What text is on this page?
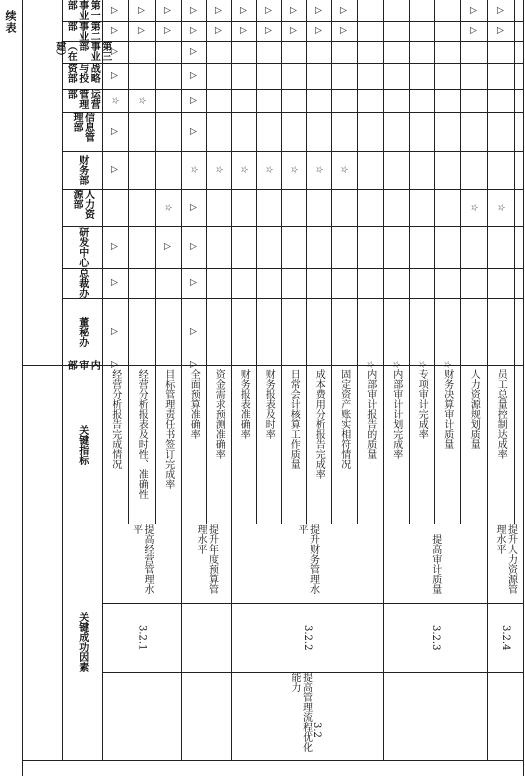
续表	第一事业部
第二事业部
第三事业部（在建）
战略与投资部
运营管理部
信息管理部
财务部
人力资源部
研发中心
总裁办
董秘办
内审部
关键指标
关键成功因素
经营分析报告完成情况
△
△
△
△
☆
△
△
△
△
△
△
经营分析报表及时性、准确性
△
△
☆
目标管理责任书签订完成率
△
△
☆
△
全面预算准确率
△
△
△
△
△
△
☆
△
△
△
△
△
资金需求预测准确率
△
△
☆
财务报表准确率
△
△
☆
财务报表及时率
△
△
☆
日常会计核算工作质量
△
△
☆
成本费用分析报告完成率
△
△
☆
固定资产账实相符情况
△
△
☆
内部审计报告的质量
☆
内部审计计划完成率
☆
专项审计完成率
☆
财务决算审计质量
☆
人力资源规划质量
△
△
☆
员工总量控制达成率
△
△
☆
提高经营管理水平
3.2.1
提升年度预算管理水平	提升财务管理水平
3.2.2
提高审计质量
3.2.3
提升人力资源管理水平
3.2.4
提高管理流程优化能力
3.2
